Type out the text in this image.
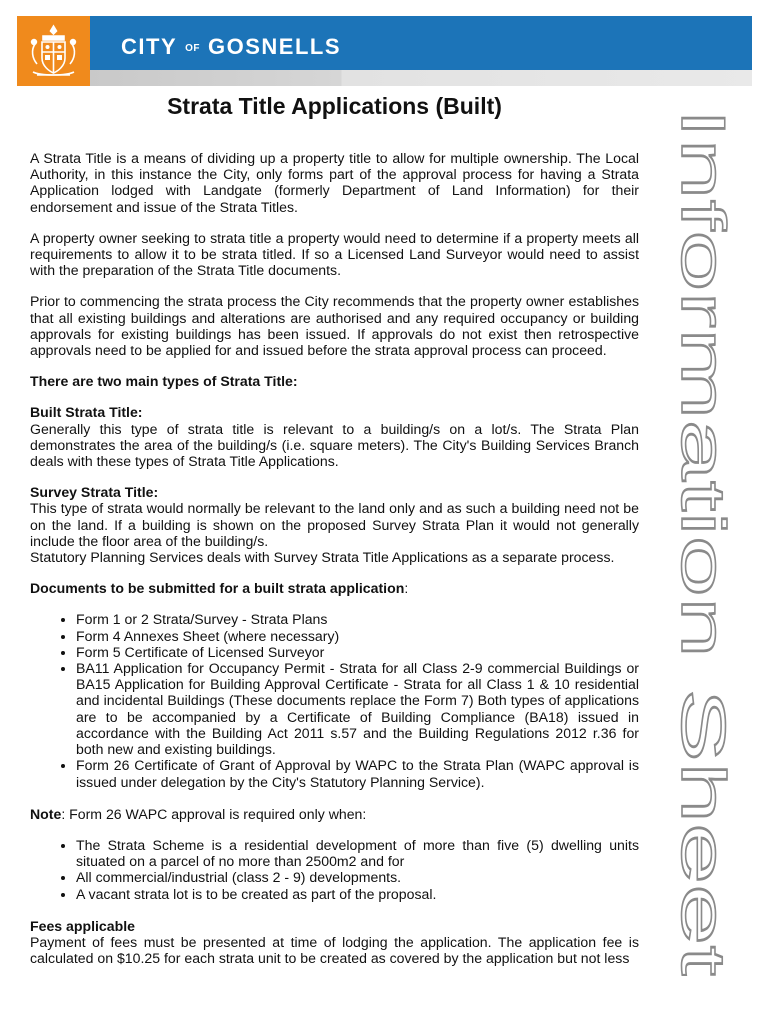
CITY OF GOSNELLS
Information Sheet
Strata Title Applications (Built)

A Strata Title is a means of dividing up a property title to allow for multiple ownership. The Local Authority, in this instance the City, only forms part of the approval process for having a Strata Application lodged with Landgate (formerly Department of Land Information) for their endorsement and issue of the Strata Titles.

A property owner seeking to strata title a property would need to determine if a property meets all requirements to allow it to be strata titled. If so a Licensed Land Surveyor would need to assist with the preparation of the Strata Title documents.

Prior to commencing the strata process the City recommends that the property owner establishes that all existing buildings and alterations are authorised and any required occupancy or building approvals for existing buildings has been issued. If approvals do not exist then retrospective approvals need to be applied for and issued before the strata approval process can proceed.

There are two main types of Strata Title:
Built Strata Title:

Generally this type of strata title is relevant to a building/s on a lot/s. The Strata Plan demonstrates the area of the building/s (i.e. square meters). The City's Building Services Branch deals with these types of Strata Title Applications.

Survey Strata Title:

This type of strata would normally be relevant to the land only and as such a building need not be on the land. If a building is shown on the proposed Survey Strata Plan it would not generally include the floor area of the building/s.

Statutory Planning Services deals with Survey Strata Title Applications as a separate process.

Documents to be submitted for a built strata application:

• Form 1 or 2 Strata/Survey - Strata Plans
• Form 4 Annexes Sheet (where necessary)
• Form 5 Certificate of Licensed Surveyor
• BA11 Application for Occupancy Permit - Strata for all Class 2-9 commercial Buildings or BA15 Application for Building Approval Certificate - Strata for all Class 1 & 10 residential and incidental Buildings (These documents replace the Form 7) Both types of applications are to be accompanied by a Certificate of Building Compliance (BA18) issued in accordance with the Building Act 2011 s.57 and the Building Regulations 2012 r.36 for both new and existing buildings.
• Form 26 Certificate of Grant of Approval by WAPC to the Strata Plan (WAPC approval is issued under delegation by the City's Statutory Planning Service).

Note: Form 26 WAPC approval is required only when:

• The Strata Scheme is a residential development of more than five (5) dwelling units situated on a parcel of no more than 2500m2 and for
• All commercial/industrial (class 2 - 9) developments.
• A vacant strata lot is to be created as part of the proposal.
Fees applicable

Payment of fees must be presented at time of lodging the application. The application fee is calculated on $10.25 for each strata unit to be created as covered by the application but not less
